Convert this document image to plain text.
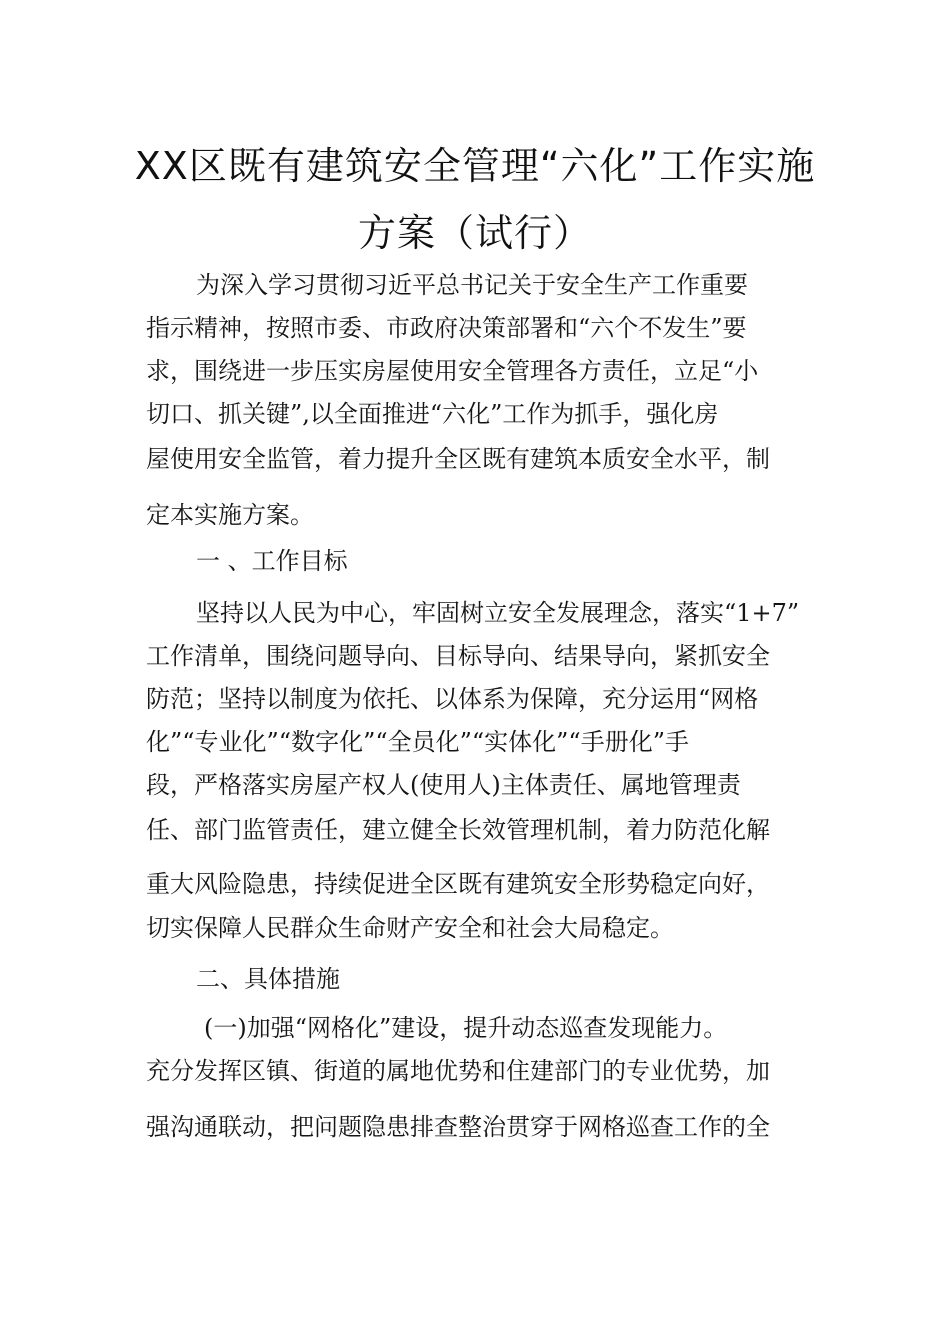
XX区既有建筑安全管理“六化”工作实施
方案（试行）
为深入学习贯彻习近平总书记关于安全生产工作重要
指示精神，按照市委、市政府决策部署和“六个不发生”要
求，围绕进一步压实房屋使用安全管理各方责任，立足“小
切口、抓关键”,以全面推进“六化”工作为抓手，强化房
屋使用安全监管，着力提升全区既有建筑本质安全水平，制
定本实施方案。
一 、工作目标
坚持以人民为中心，牢固树立安全发展理念，落实“1+7”
工作清单，围绕问题导向、目标导向、结果导向，紧抓安全
防范；坚持以制度为依托、以体系为保障，充分运用“网格
化”“专业化”“数字化”“全员化”“实体化”“手册化”手
段，严格落实房屋产权人(使用人)主体责任、属地管理责
任、部门监管责任，建立健全长效管理机制，着力防范化解
重大风险隐患，持续促进全区既有建筑安全形势稳定向好，
切实保障人民群众生命财产安全和社会大局稳定。
二、具体措施
(一)加强“网格化”建设，提升动态巡查发现能力。
充分发挥区镇、街道的属地优势和住建部门的专业优势，加
强沟通联动，把问题隐患排查整治贯穿于网格巡查工作的全
